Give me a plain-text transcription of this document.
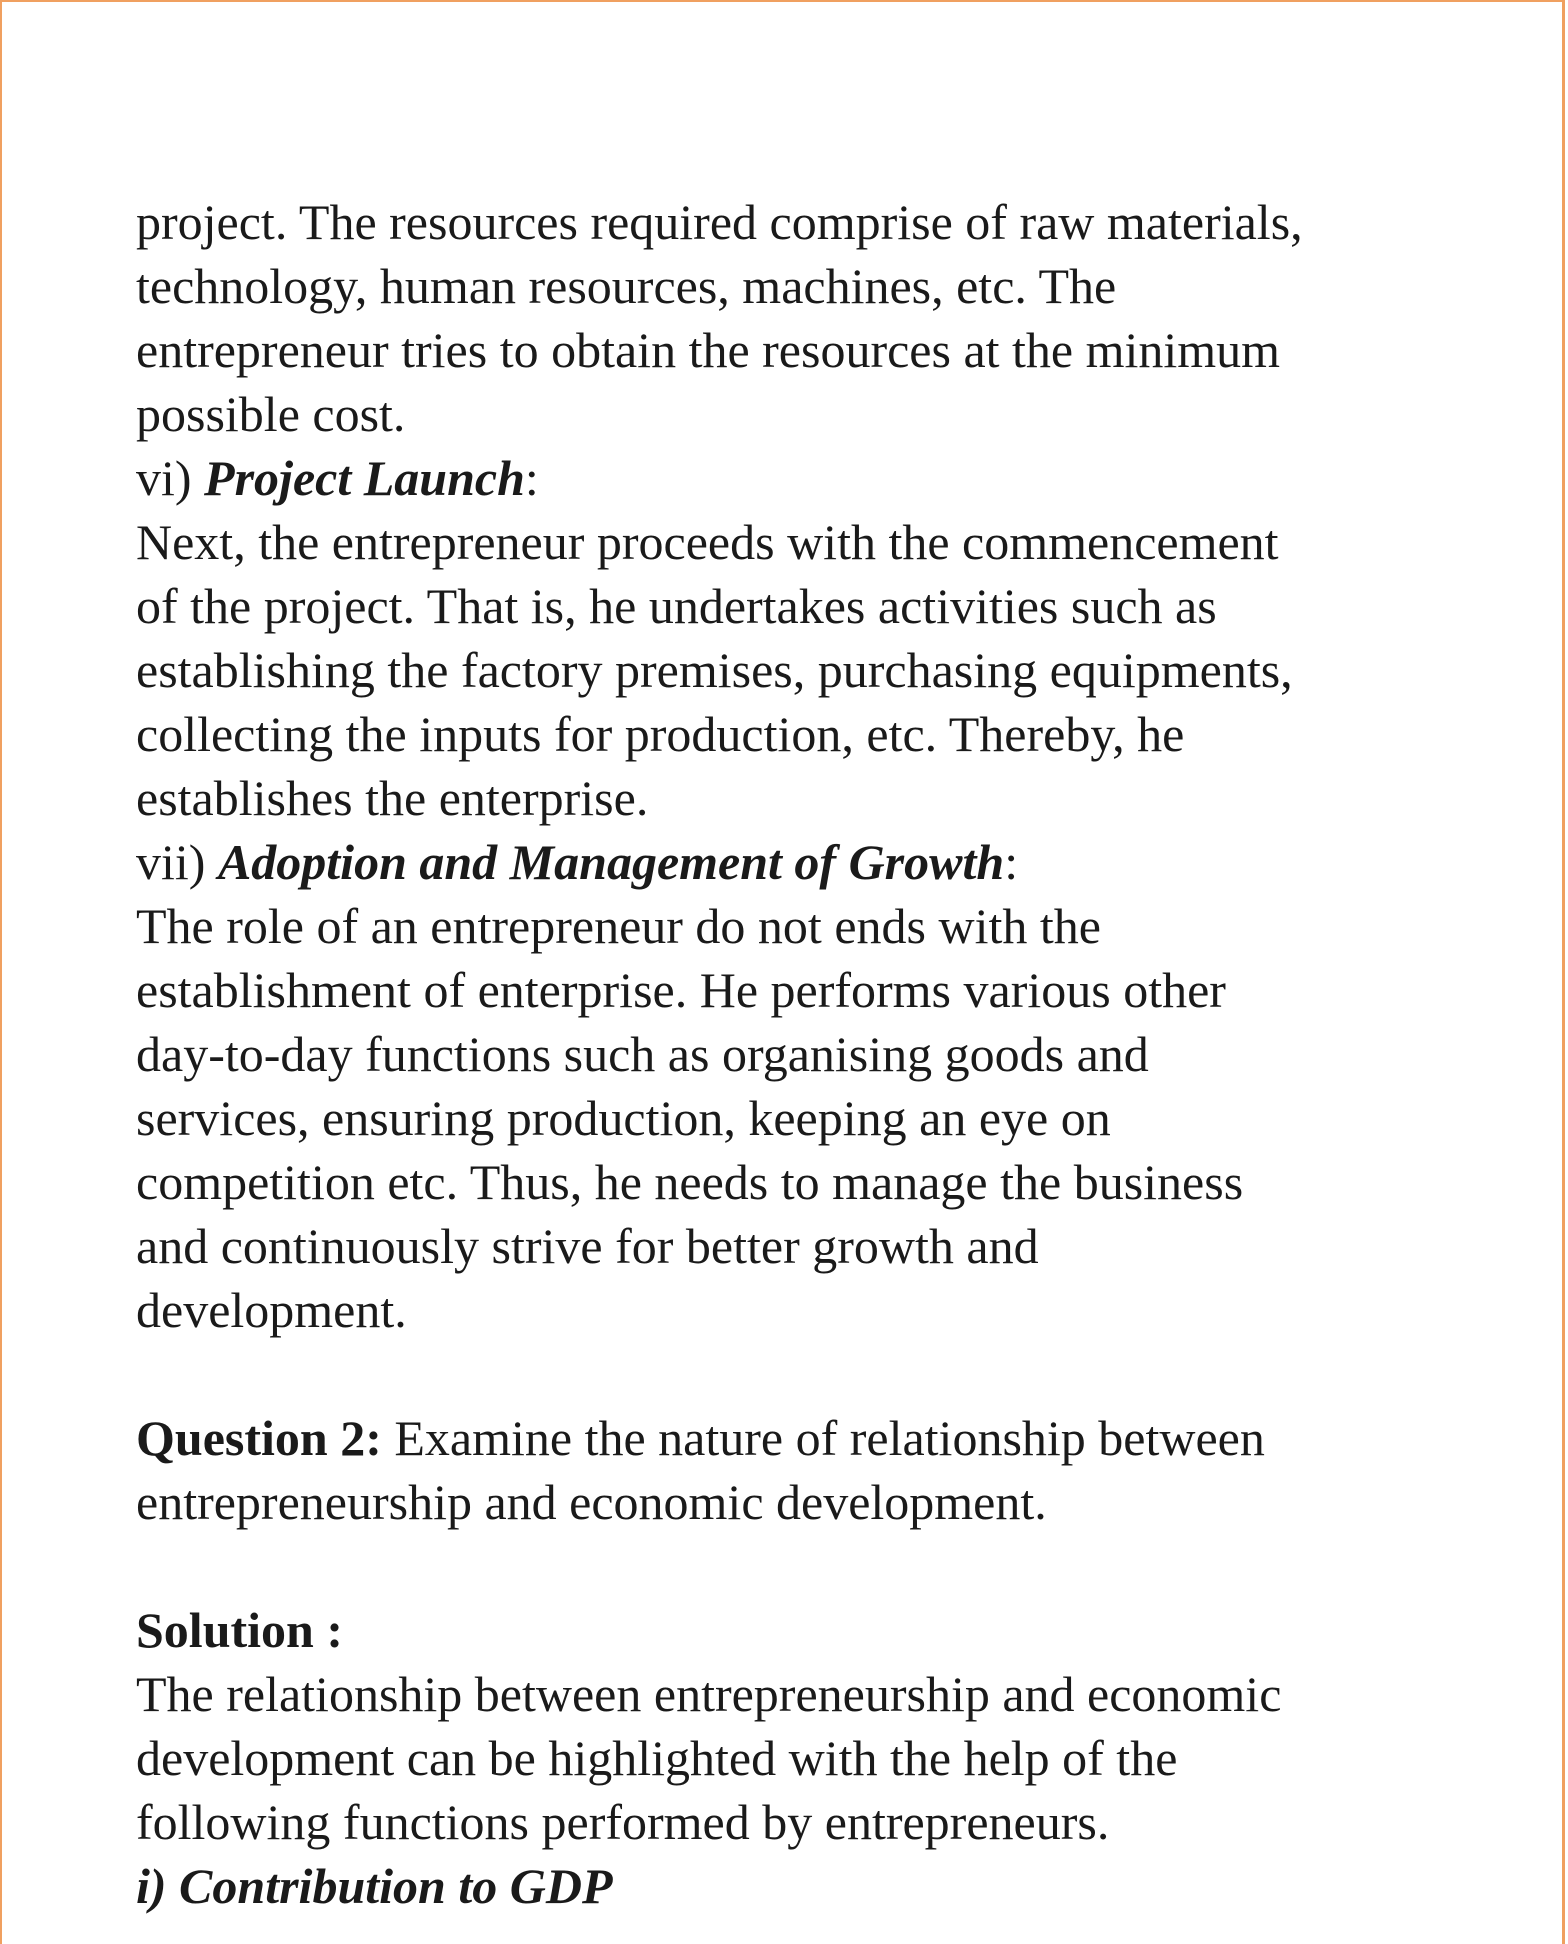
project. The resources required comprise of raw materials,
technology, human resources, machines, etc. The
entrepreneur tries to obtain the resources at the minimum
possible cost.
vi) Project Launch:
Next, the entrepreneur proceeds with the commencement
of the project. That is, he undertakes activities such as
establishing the factory premises, purchasing equipments,
collecting the inputs for production, etc. Thereby, he
establishes the enterprise.
vii) Adoption and Management of Growth:
The role of an entrepreneur do not ends with the
establishment of enterprise. He performs various other
day-to-day functions such as organising goods and
services, ensuring production, keeping an eye on
competition etc. Thus, he needs to manage the business
and continuously strive for better growth and
development.
Question 2: Examine the nature of relationship between
entrepreneurship and economic development.
Solution :
The relationship between entrepreneurship and economic
development can be highlighted with the help of the
following functions performed by entrepreneurs.
i) Contribution to GDP
